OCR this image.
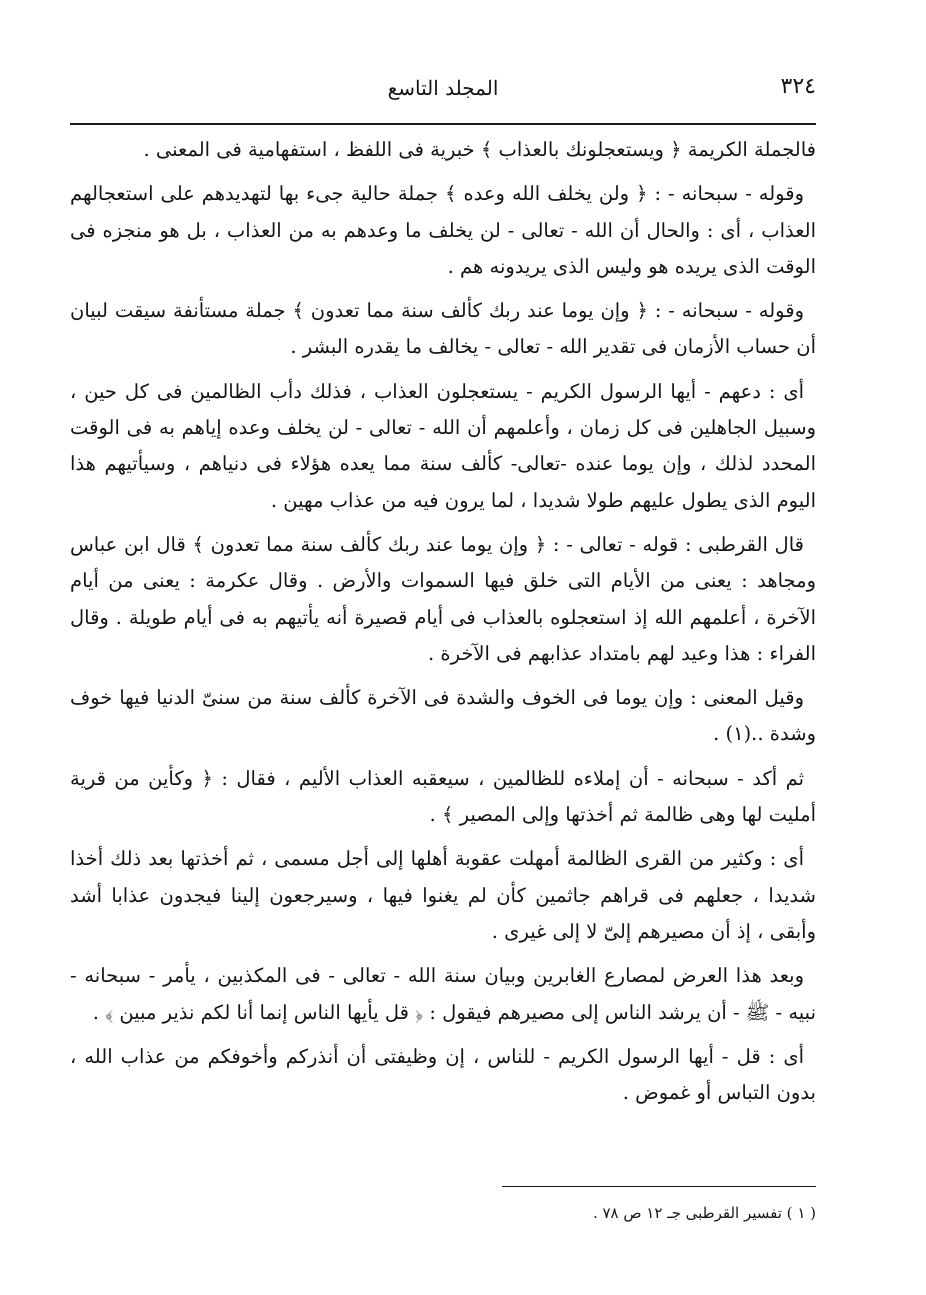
٣٢٤
المجلد التاسع

فالجملة الكريمة ﴿ ويستعجلونك بالعذاب ﴾ خبرية فى اللفظ ، استفهامية فى المعنى .

وقوله - سبحانه - : ﴿ ولن يخلف الله وعده ﴾ جملة حالية جىء بها لتهديدهم على استعجالهم العذاب ، أى : والحال أن الله - تعالى - لن يخلف ما وعدهم به من العذاب ، بل هو منجزه فى الوقت الذى يريده هو وليس الذى يريدونه هم .

وقوله - سبحانه - : ﴿ وإن يوما عند ربك كألف سنة مما تعدون ﴾ جملة مستأنفة سيقت لبيان أن حساب الأزمان فى تقدير الله - تعالى - يخالف ما يقدره البشر .

أى : دعهم - أيها الرسول الكريم - يستعجلون العذاب ، فذلك دأب الظالمين فى كل حين ، وسبيل الجاهلين فى كل زمان ، وأعلمهم أن الله - تعالى - لن يخلف وعده إياهم به فى الوقت المحدد لذلك ، وإن يوما عنده -تعالى- كألف سنة مما يعده هؤلاء فى دنياهم ، وسيأتيهم هذا اليوم الذى يطول عليهم طولا شديدا ، لما يرون فيه من عذاب مهين .

قال القرطبى : قوله - تعالى - : ﴿ وإن يوما عند ربك كألف سنة مما تعدون ﴾ قال ابن عباس ومجاهد : يعنى من الأيام التى خلق فيها السموات والأرض . وقال عكرمة : يعنى من أيام الآخرة ، أعلمهم الله إذ استعجلوه بالعذاب فى أيام قصيرة أنه يأتيهم به فى أيام طويلة . وقال الفراء : هذا وعيد لهم بامتداد عذابهم فى الآخرة .

وقيل المعنى : وإن يوما فى الخوف والشدة فى الآخرة كألف سنة من سنىّ الدنيا فيها خوف وشدة ..(١) .

ثم أكد - سبحانه - أن إملاءه للظالمين ، سيعقبه العذاب الأليم ، فقال : ﴿ وكأين من قرية أمليت لها وهى ظالمة ثم أخذتها وإلى المصير ﴾ .

أى : وكثير من القرى الظالمة أمهلت عقوبة أهلها إلى أجل مسمى ، ثم أخذتها بعد ذلك أخذا شديدا ، جعلهم فى قراهم جاثمين كأن لم يغنوا فيها ، وسيرجعون إلينا فيجدون عذابا أشد وأبقى ، إذ أن مصيرهم إلىّ لا إلى غيرى .

وبعد هذا العرض لمصارع الغابرين وبيان سنة الله - تعالى - فى المكذبين ، يأمر - سبحانه - نبيه - ﷺ - أن يرشد الناس إلى مصيرهم فيقول : ﴿ قل يأيها الناس إنما أنا لكم نذير مبين ﴾ .

أى : قل - أيها الرسول الكريم - للناس ، إن وظيفتى أن أنذركم وأخوفكم من عذاب الله ، بدون التباس أو غموض .

( ١ ) تفسير القرطبى جـ ١٢ ص ٧٨ .
